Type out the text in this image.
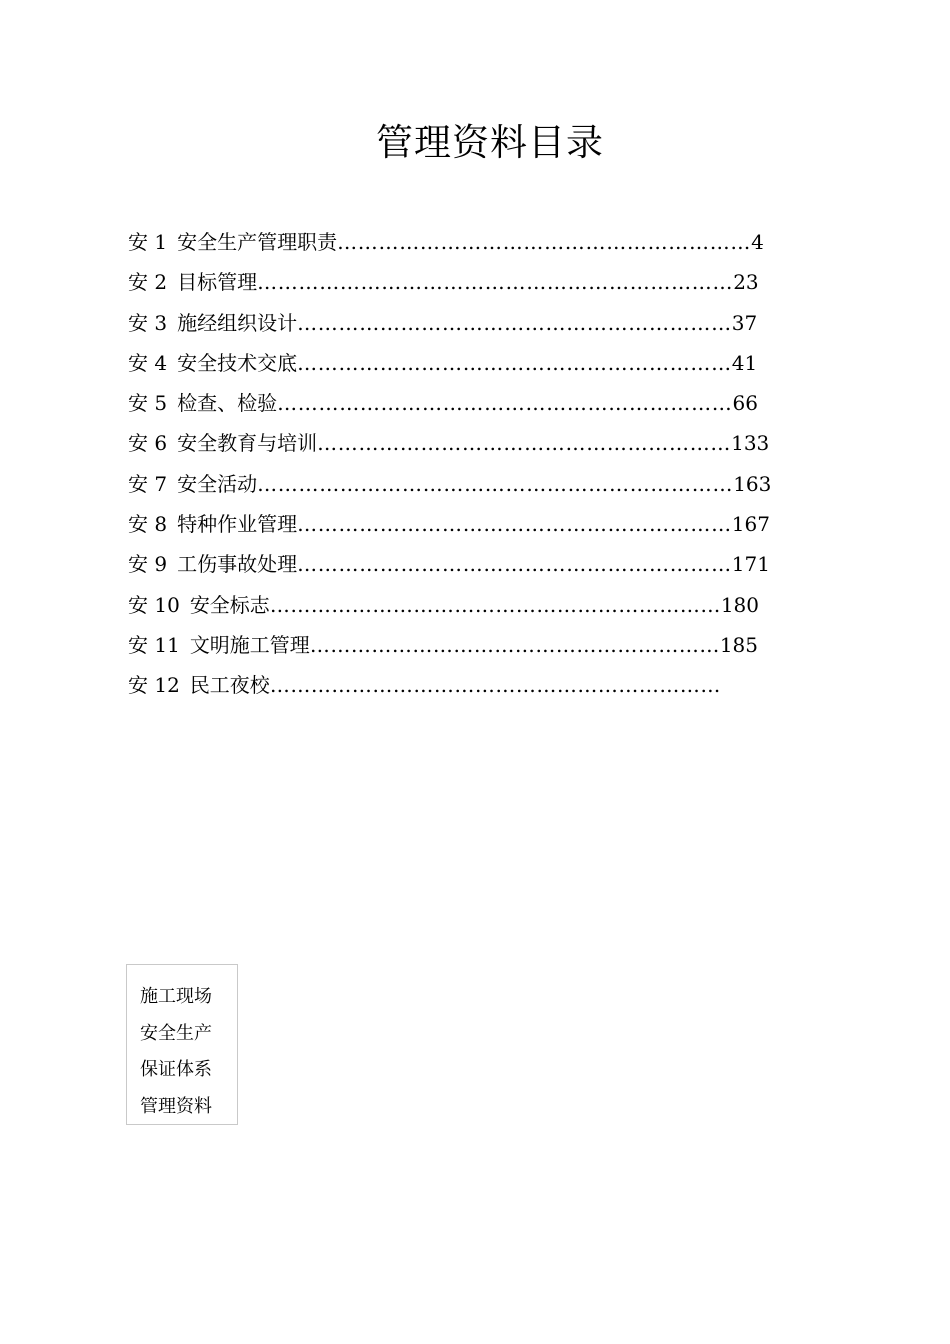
管理资料目录
安 1 安全生产管理职责……………………………………………………4
安 2 目标管理……………………………………………………………23
安 3 施经组织设计………………………………………………………37
安 4 安全技术交底………………………………………………………41
安 5 检查、检验…………………………………………………………66
安 6 安全教育与培训……………………………………………………133
安 7 安全活动……………………………………………………………163
安 8 特种作业管理………………………………………………………167
安 9 工伤事故处理………………………………………………………171
安 10 安全标志…………………………………………………………180
安 11 文明施工管理……………………………………………………185
安 12 民工夜校…………………………………………………………
施工现场
安全生产
保证体系
管理资料
